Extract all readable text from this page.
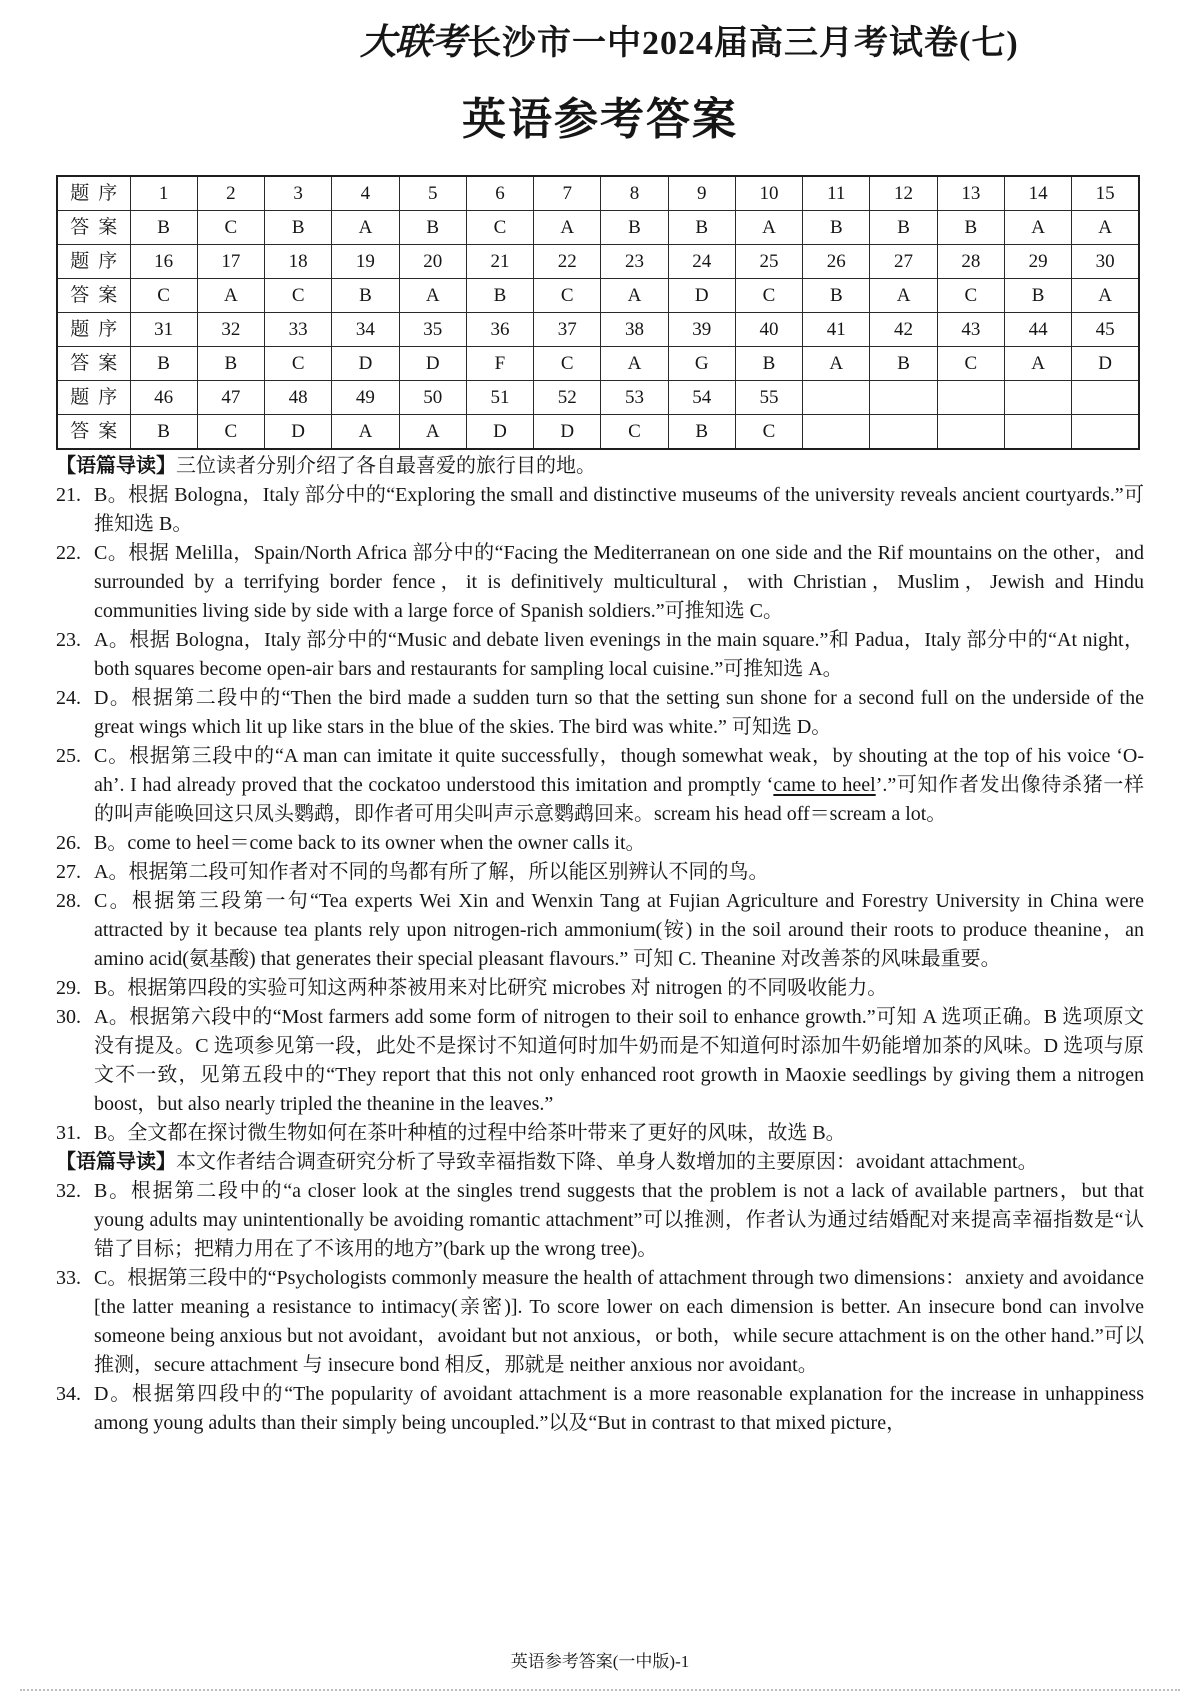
大联考长沙市一中2024届高三月考试卷(七)
英语参考答案
题序	1	2	3	4	5	6	7	8	9	10	11	12	13	14	15
答案	B	C	B	A	B	C	A	B	B	A	B	B	B	A	A
题序	16	17	18	19	20	21	22	23	24	25	26	27	28	29	30
答案	C	A	C	B	A	B	C	A	D	C	B	A	C	B	A
题序	31	32	33	34	35	36	37	38	39	40	41	42	43	44	45
答案	B	B	C	D	D	F	C	A	G	B	A	B	C	A	D
题序	46	47	48	49	50	51	52	53	54	55					
答案	B	C	D	A	A	D	D	C	B	C					
【语篇导读】三位读者分别介绍了各自最喜爱的旅行目的地。
21. B。根据 Bologna，Italy 部分中的“Exploring the small and distinctive museums of the university reveals ancient courtyards.”可推知选 B。
22. C。根据 Melilla，Spain/North Africa 部分中的“Facing the Mediterranean on one side and the Rif mountains on the other，and surrounded by a terrifying border fence，it is definitively multicultural，with Christian，Muslim，Jewish and Hindu communities living side by side with a large force of Spanish soldiers.”可推知选 C。
23. A。根据 Bologna，Italy 部分中的“Music and debate liven evenings in the main square.”和 Padua，Italy 部分中的“At night，both squares become open-air bars and restaurants for sampling local cuisine.”可推知选 A。
24. D。根据第二段中的“Then the bird made a sudden turn so that the setting sun shone for a second full on the underside of the great wings which lit up like stars in the blue of the skies. The bird was white.” 可知选 D。
25. C。根据第三段中的“A man can imitate it quite successfully，though somewhat weak，by shouting at the top of his voice ‘O-ah’. I had already proved that the cockatoo understood this imitation and promptly ‘came to heel’.”可知作者发出像待杀猪一样的叫声能唤回这只凤头鹦鹉，即作者可用尖叫声示意鹦鹉回来。scream his head off＝scream a lot。
26. B。come to heel＝come back to its owner when the owner calls it。
27. A。根据第二段可知作者对不同的鸟都有所了解，所以能区别辨认不同的鸟。
28. C。根据第三段第一句“Tea experts Wei Xin and Wenxin Tang at Fujian Agriculture and Forestry University in China were attracted by it because tea plants rely upon nitrogen-rich ammonium(铵) in the soil around their roots to produce theanine，an amino acid(氨基酸) that generates their special pleasant flavours.” 可知 C. Theanine 对改善茶的风味最重要。
29. B。根据第四段的实验可知这两种茶被用来对比研究 microbes 对 nitrogen 的不同吸收能力。
30. A。根据第六段中的“Most farmers add some form of nitrogen to their soil to enhance growth.”可知 A 选项正确。B 选项原文没有提及。C 选项参见第一段，此处不是探讨不知道何时加牛奶而是不知道何时添加牛奶能增加茶的风味。D 选项与原文不一致，见第五段中的“They report that this not only enhanced root growth in Maoxie seedlings by giving them a nitrogen boost，but also nearly tripled the theanine in the leaves.”
31. B。全文都在探讨微生物如何在茶叶种植的过程中给茶叶带来了更好的风味，故选 B。
【语篇导读】本文作者结合调查研究分析了导致幸福指数下降、单身人数增加的主要原因：avoidant attachment。
32. B。根据第二段中的“a closer look at the singles trend suggests that the problem is not a lack of available partners，but that young adults may unintentionally be avoiding romantic attachment”可以推测，作者认为通过结婚配对来提高幸福指数是“认错了目标；把精力用在了不该用的地方”(bark up the wrong tree)。
33. C。根据第三段中的“Psychologists commonly measure the health of attachment through two dimensions：anxiety and avoidance [the latter meaning a resistance to intimacy(亲密)]. To score lower on each dimension is better. An insecure bond can involve someone being anxious but not avoidant，avoidant but not anxious，or both，while secure attachment is on the other hand.”可以推测，secure attachment 与 insecure bond 相反，那就是 neither anxious nor avoidant。
34. D。根据第四段中的“The popularity of avoidant attachment is a more reasonable explanation for the increase in unhappiness among young adults than their simply being uncoupled.”以及“But in contrast to that mixed picture，
英语参考答案(一中版)-1
